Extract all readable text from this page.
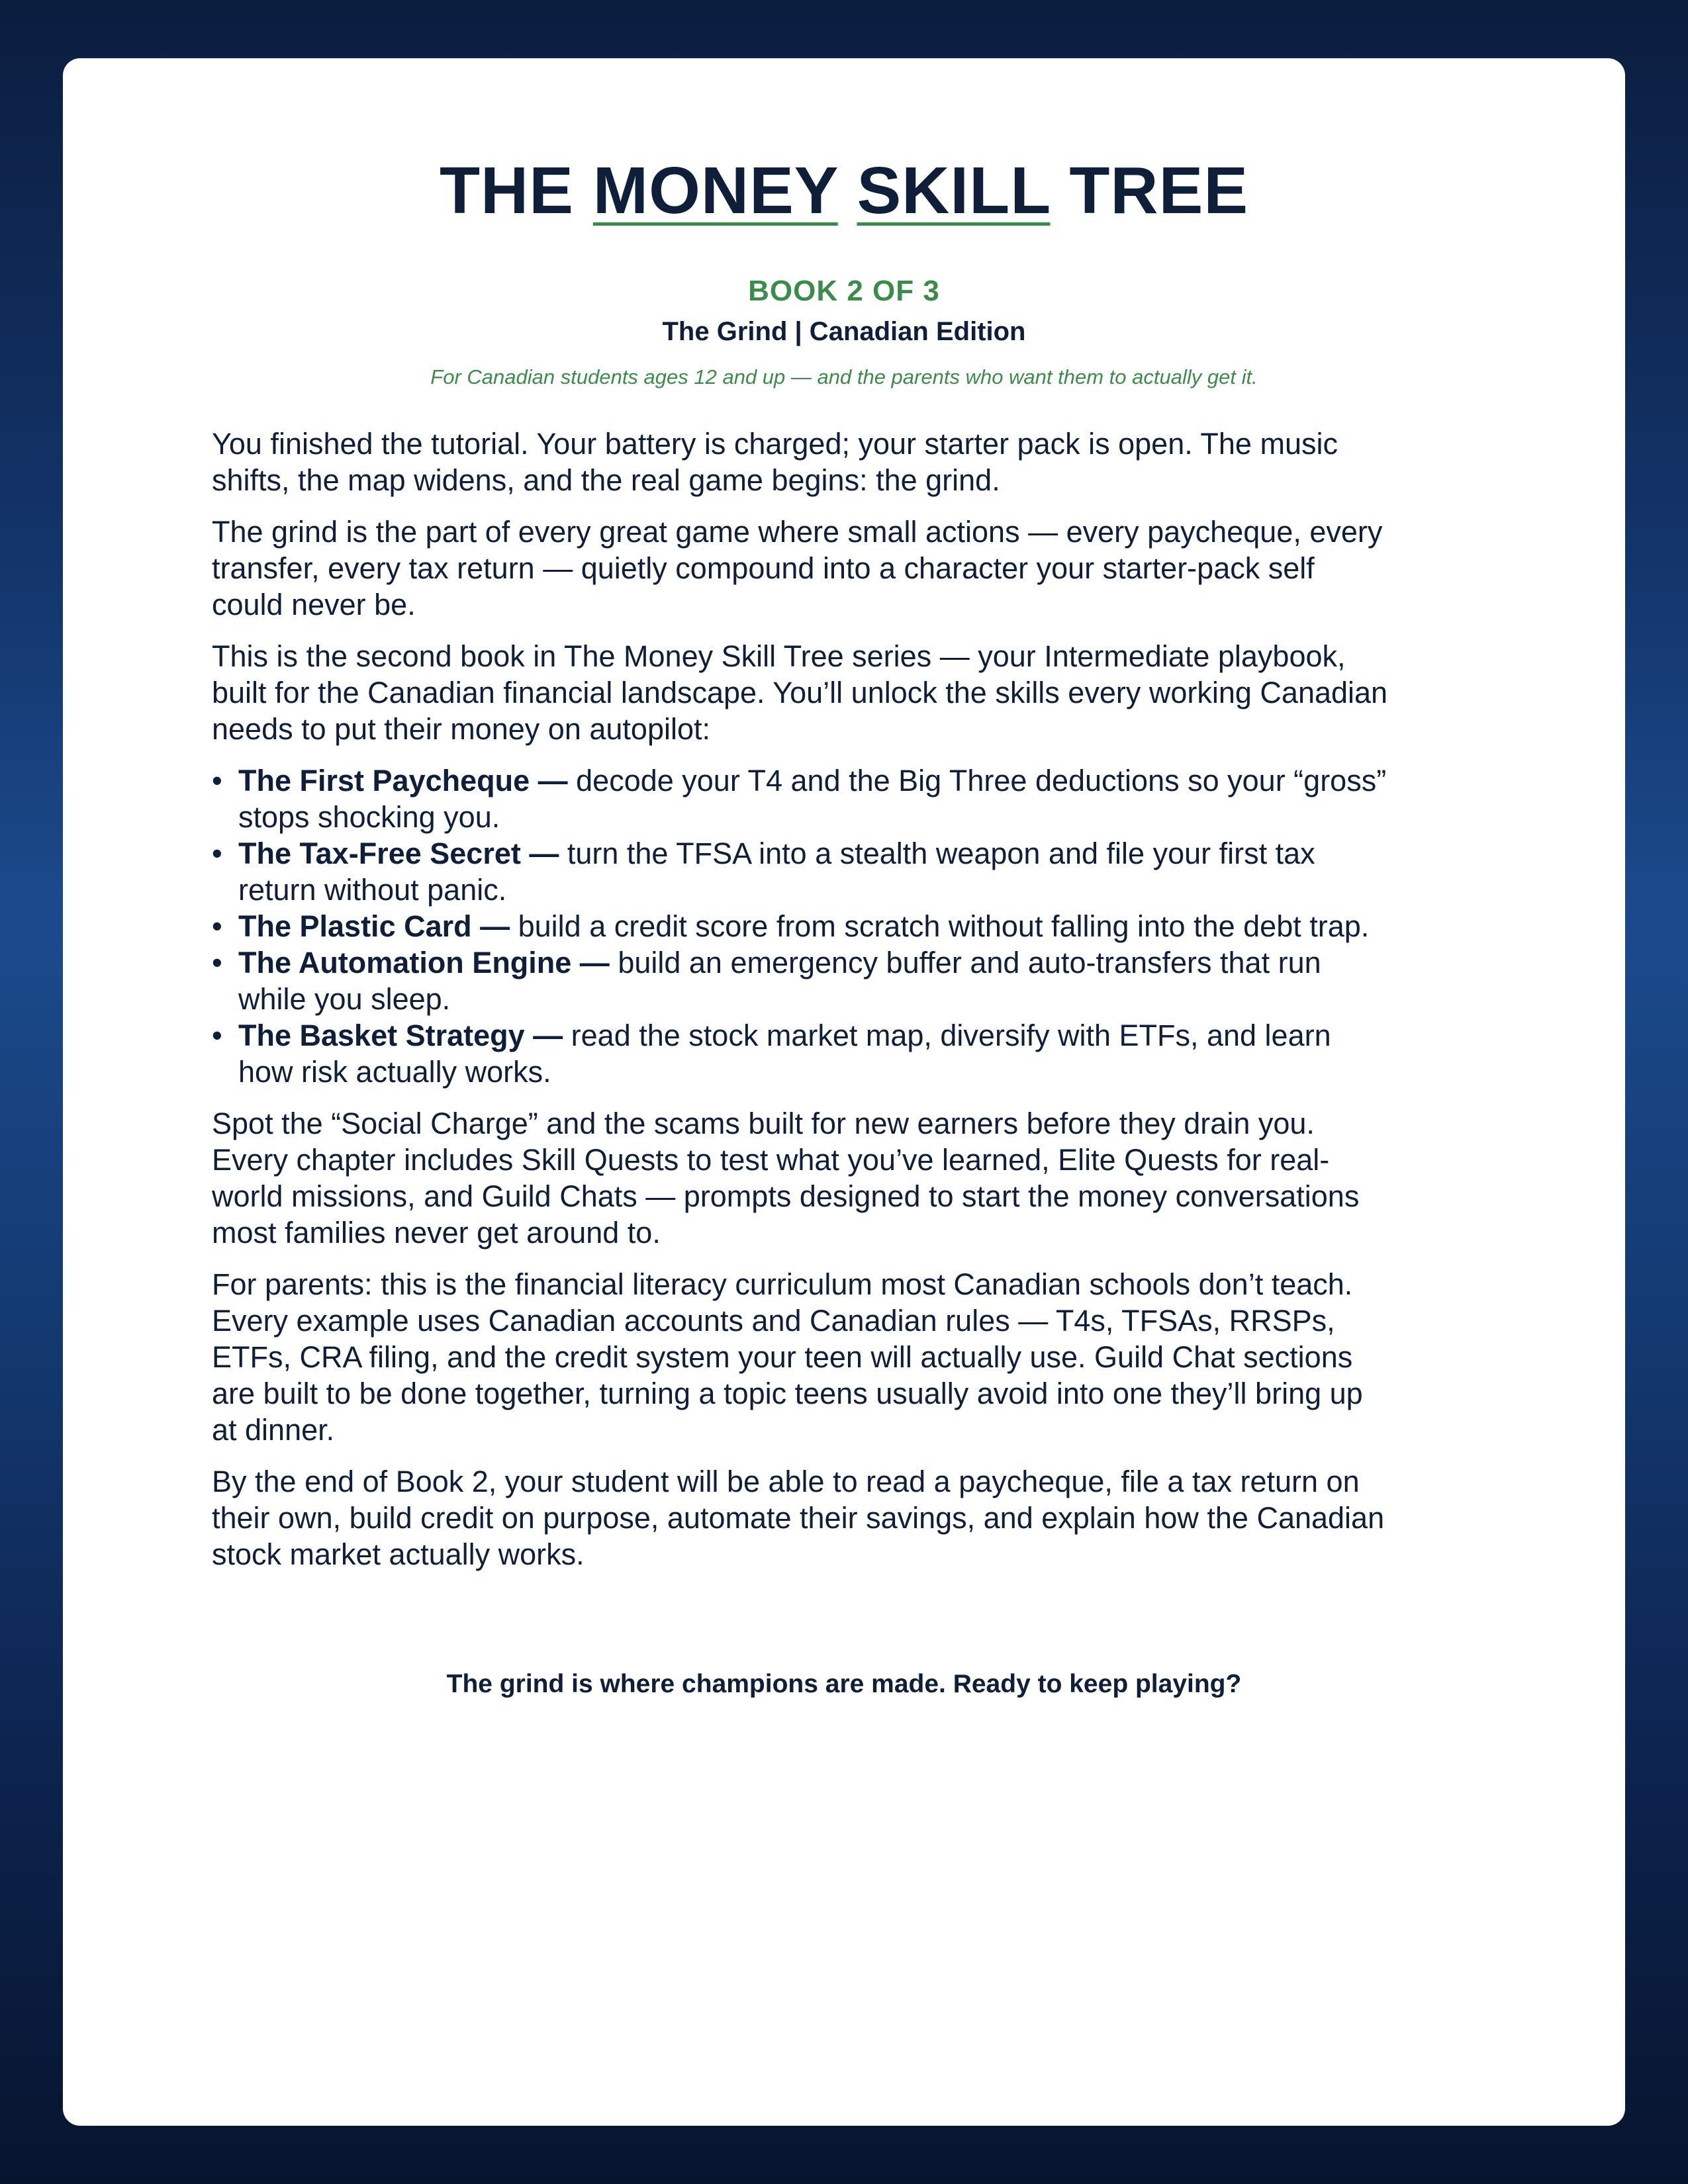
THE MONEY SKILL TREE
BOOK 2 OF 3
The Grind | Canadian Edition
For Canadian students ages 12 and up — and the parents who want them to actually get it.

You finished the tutorial. Your battery is charged; your starter pack is open. The music shifts, the map widens, and the real game begins: the grind.

The grind is the part of every great game where small actions — every paycheque, every transfer, every tax return — quietly compound into a character your starter-pack self could never be.

This is the second book in The Money Skill Tree series — your Intermediate playbook, built for the Canadian financial landscape. You’ll unlock the skills every working Canadian needs to put their money on autopilot:

• The First Paycheque — decode your T4 and the Big Three deductions so your “gross” stops shocking you.
• The Tax-Free Secret — turn the TFSA into a stealth weapon and file your first tax return without panic.
• The Plastic Card — build a credit score from scratch without falling into the debt trap.
• The Automation Engine — build an emergency buffer and auto-transfers that run while you sleep.
• The Basket Strategy — read the stock market map, diversify with ETFs, and learn how risk actually works.

Spot the “Social Charge” and the scams built for new earners before they drain you. Every chapter includes Skill Quests to test what you’ve learned, Elite Quests for real-world missions, and Guild Chats — prompts designed to start the money conversations most families never get around to.

For parents: this is the financial literacy curriculum most Canadian schools don’t teach. Every example uses Canadian accounts and Canadian rules — T4s, TFSAs, RRSPs, ETFs, CRA filing, and the credit system your teen will actually use. Guild Chat sections are built to be done together, turning a topic teens usually avoid into one they’ll bring up at dinner.

By the end of Book 2, your student will be able to read a paycheque, file a tax return on their own, build credit on purpose, automate their savings, and explain how the Canadian stock market actually works.

The grind is where champions are made. Ready to keep playing?
